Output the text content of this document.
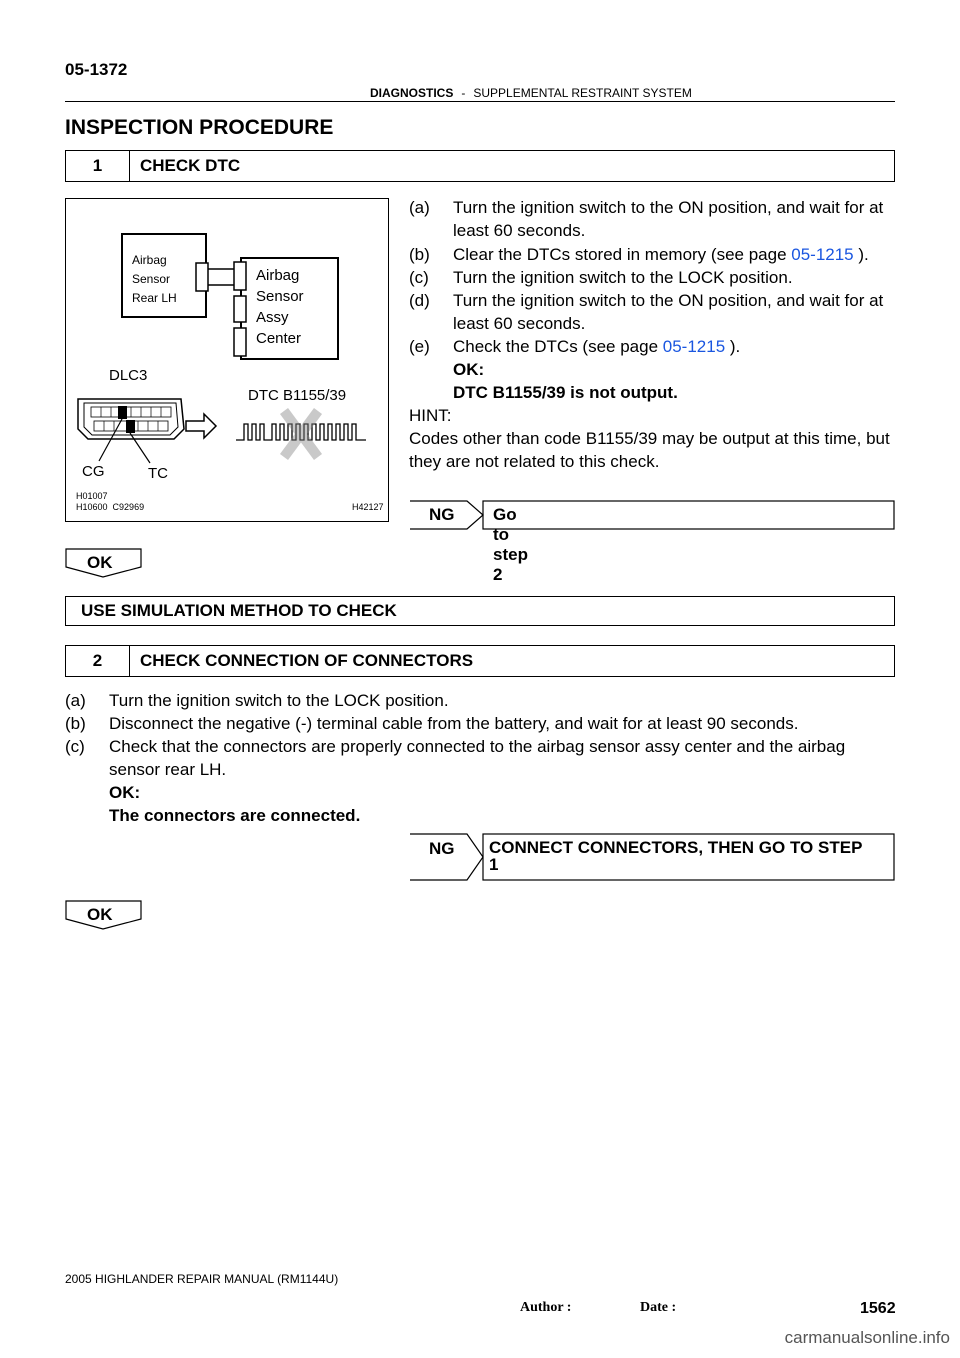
05-1372
DIAGNOSTICS - SUPPLEMENTAL RESTRAINT SYSTEM
INSPECTION PROCEDURE
1	CHECK DTC
Airbag
Sensor
Rear LH
Airbag
Sensor
Assy
Center
DLC3
DTC B1155/39
CG	TC
H01007
H10600 C92969	H42127
(a) Turn the ignition switch to the ON position, and wait for at
least 60 seconds.
(b) Clear the DTCs stored in memory (see page 05-1215 ).
(c) Turn the ignition switch to the LOCK position.
(d) Turn the ignition switch to the ON position, and wait for at
least 60 seconds.
(e) Check the DTCs (see page 05-1215 ).
OK:
DTC B1155/39 is not output.
HINT:
Codes other than code B1155/39 may be output at this time, but
they are not related to this check.
NG Go to step 2
OK
USE SIMULATION METHOD TO CHECK
2	CHECK CONNECTION OF CONNECTORS
(a) Turn the ignition switch to the LOCK position.
(b) Disconnect the negative (-) terminal cable from the battery, and wait for at least 90 seconds.
(c) Check that the connectors are properly connected to the airbag sensor assy center and the airbag
sensor rear LH.
OK:
The connectors are connected.
NG CONNECT CONNECTORS, THEN GO TO STEP
1
OK
2005 HIGHLANDER REPAIR MANUAL (RM1144U)
Author :	Date :	1562
carmanualsonline.info
